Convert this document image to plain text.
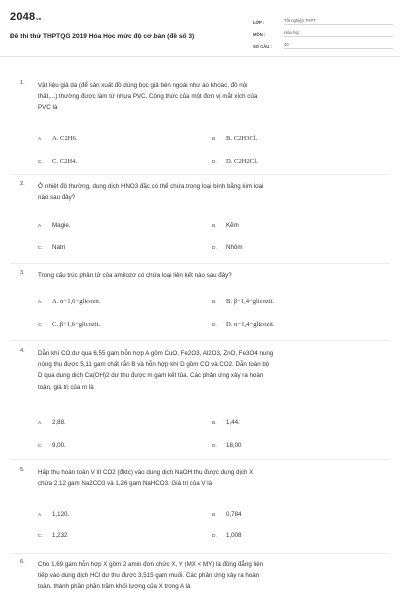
2048vn
Đề thi thử THPTQG 2019 Hóa Học mức độ cơ bản (đề số 3)
LỚP :	Tốt nghiệp THPT
MÔN :	Hóa học
SỐ CÂU :	40
1. Vật liệu giả da (để sản xuất đồ dùng bọc giả bên ngoài như áo khoác, đồ nội
thất,...) thường được làm từ nhựa PVC. Công thức của một đơn vị mắt xích của
PVC là
A. A. C2H6.	B. B. C2H3Cl.
C. C. C2H4.	D. D. C2H2Cl.
2. Ở nhiệt độ thường, dung dịch HNO3 đặc có thể chứa trong loại bình bằng kim loại
nào sau đây?
A. Magie.	B. Kẽm
C. Natri	D. Nhôm
3. Trong cấu trúc phân tử của amilozơ có chứa loại liên kết nào sau đây?
A. A. α−1,6−glicozit.	B. B. β−1,4−glicozit.
C. C. β−1,6−glicozit.	D. D. α−1,4−glicozit.
4. Dẫn khí CO dư qua 6,55 gam hỗn hợp A gồm CuO, Fe2O3, Al2O3, ZnO, Fe3O4 nung
nóng thu được 5,11 gam chất rắn B và hỗn hợp khí D gồm CO và CO2. Dẫn toàn bộ
D qua dung dịch Ca(OH)2 dư thu được m gam kết tủa. Các phản ứng xảy ra hoàn
toàn, giá trị của m là
A. 2,88.	B. 1,44.
C. 9,00.	D. 18,00
5. Hấp thụ hoàn toàn V lít CO2 (đktc) vào dung dịch NaOH thu được dung dịch X
chứa 2,12 gam Na2CO3 và 1,26 gam NaHCO3. Giá trị của V là
A. 1,120.	B. 0,784
C. 1,232	D. 1,008
6. Cho 1,69 gam hỗn hợp X gồm 2 amin đơn chức X, Y (MX < MY) là đồng đẳng liên
tiếp vào dung dịch HCl dư thu được 3,515 gam muối. Các phản ứng xảy ra hoàn
toàn, thành phần phần trăm khối lượng của X trong A là
